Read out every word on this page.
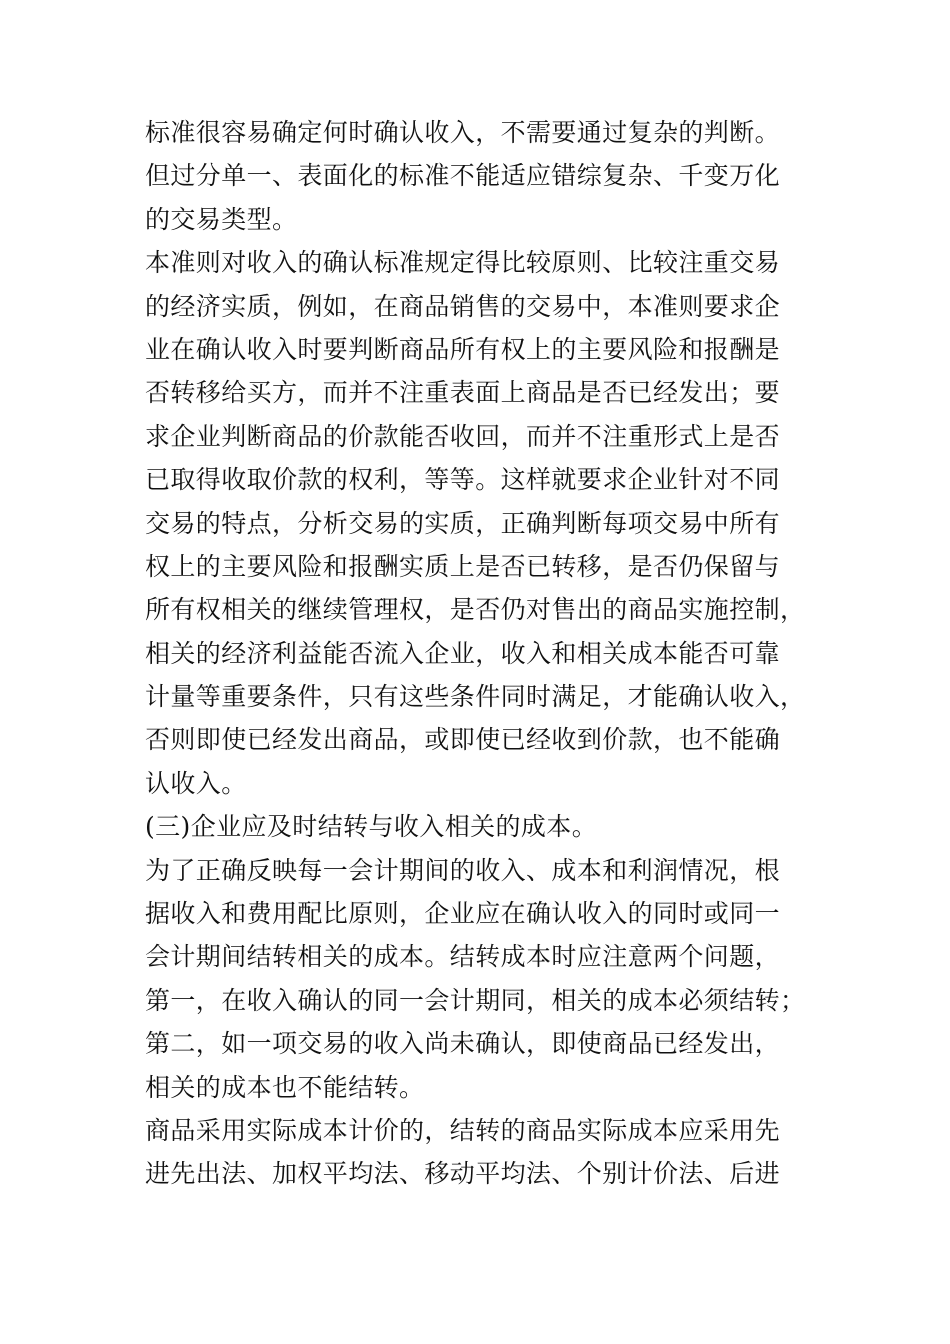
标准很容易确定何时确认收入，不需要通过复杂的判断。
但过分单一、表面化的标准不能适应错综复杂、千变万化
的交易类型。
本准则对收入的确认标准规定得比较原则、比较注重交易
的经济实质，例如，在商品销售的交易中，本准则要求企
业在确认收入时要判断商品所有权上的主要风险和报酬是
否转移给买方，而并不注重表面上商品是否已经发出；要
求企业判断商品的价款能否收回，而并不注重形式上是否
已取得收取价款的权利，等等。这样就要求企业针对不同
交易的特点，分析交易的实质，正确判断每项交易中所有
权上的主要风险和报酬实质上是否已转移，是否仍保留与
所有权相关的继续管理权，是否仍对售出的商品实施控制，
相关的经济利益能否流入企业，收入和相关成本能否可靠
计量等重要条件，只有这些条件同时满足，才能确认收入，
否则即使已经发出商品，或即使已经收到价款，也不能确
认收入。
(三)企业应及时结转与收入相关的成本。
为了正确反映每一会计期间的收入、成本和利润情况，根
据收入和费用配比原则，企业应在确认收入的同时或同一
会计期间结转相关的成本。结转成本时应注意两个问题，
第一，在收入确认的同一会计期同，相关的成本必须结转；
第二，如一项交易的收入尚未确认，即使商品已经发出，
相关的成本也不能结转。
商品采用实际成本计价的，结转的商品实际成本应采用先
进先出法、加权平均法、移动平均法、个别计价法、后进
